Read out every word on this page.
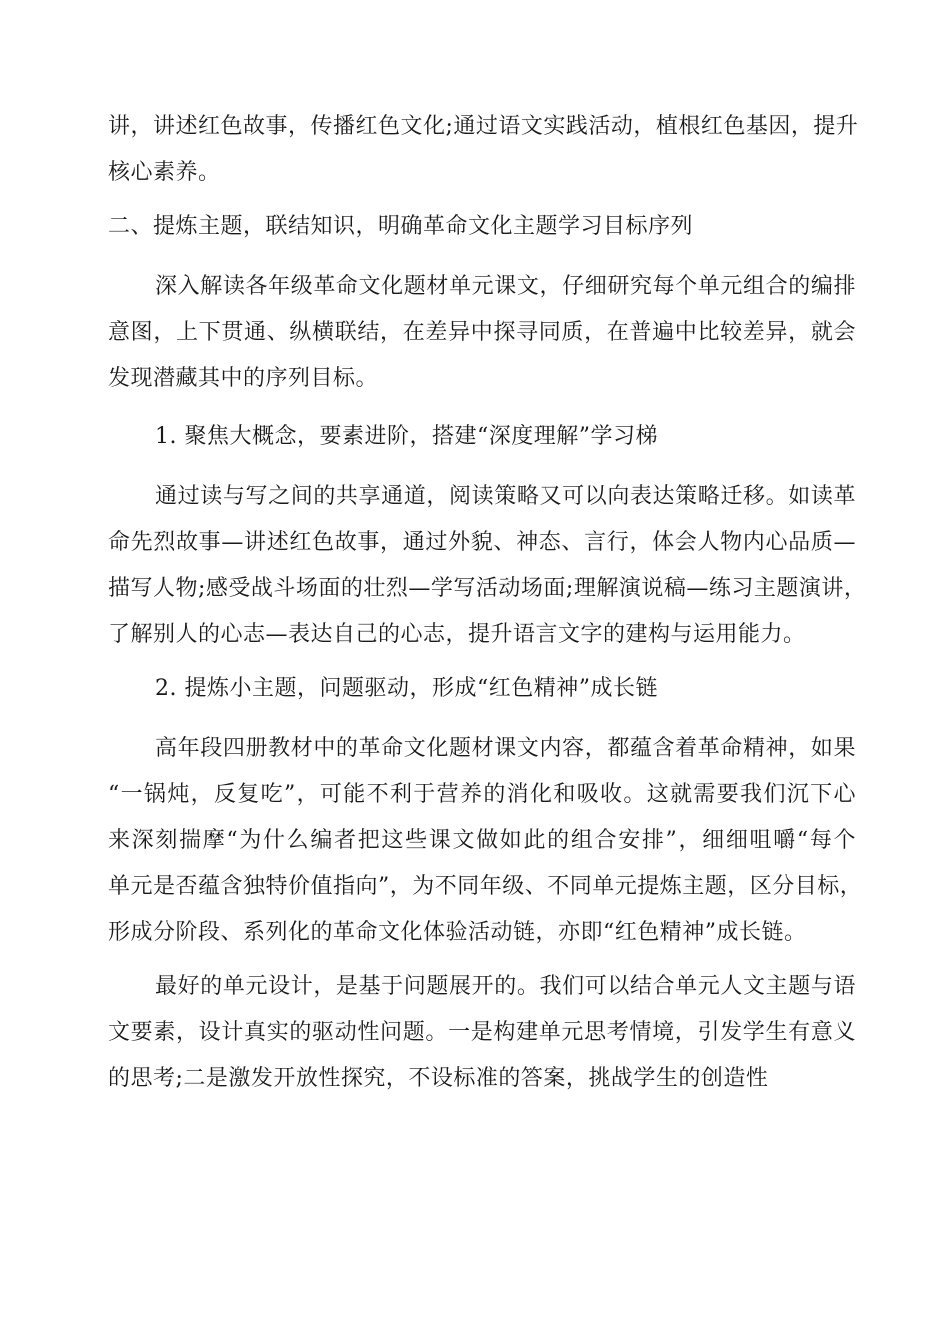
讲，讲述红色故事，传播红色文化;通过语文实践活动，植根红色基因，提升
核心素养。
二、提炼主题，联结知识，明确革命文化主题学习目标序列
深入解读各年级革命文化题材单元课文，仔细研究每个单元组合的编排
意图，上下贯通、纵横联结，在差异中探寻同质，在普遍中比较差异，就会
发现潜藏其中的序列目标。
1. 聚焦大概念，要素进阶，搭建“深度理解”学习梯
通过读与写之间的共享通道，阅读策略又可以向表达策略迁移。如读革
命先烈故事—讲述红色故事，通过外貌、神态、言行，体会人物内心品质—
描写人物;感受战斗场面的壮烈—学写活动场面;理解演说稿—练习主题演讲，
了解别人的心志—表达自己的心志，提升语言文字的建构与运用能力。
2. 提炼小主题，问题驱动，形成“红色精神”成长链
高年段四册教材中的革命文化题材课文内容，都蕴含着革命精神，如果
“一锅炖，反复吃”，可能不利于营养的消化和吸收。这就需要我们沉下心
来深刻揣摩“为什么编者把这些课文做如此的组合安排”，细细咀嚼“每个
单元是否蕴含独特价值指向”，为不同年级、不同单元提炼主题，区分目标，
形成分阶段、系列化的革命文化体验活动链，亦即“红色精神”成长链。
最好的单元设计，是基于问题展开的。我们可以结合单元人文主题与语
文要素，设计真实的驱动性问题。一是构建单元思考情境，引发学生有意义
的思考;二是激发开放性探究，不设标准的答案，挑战学生的创造性
